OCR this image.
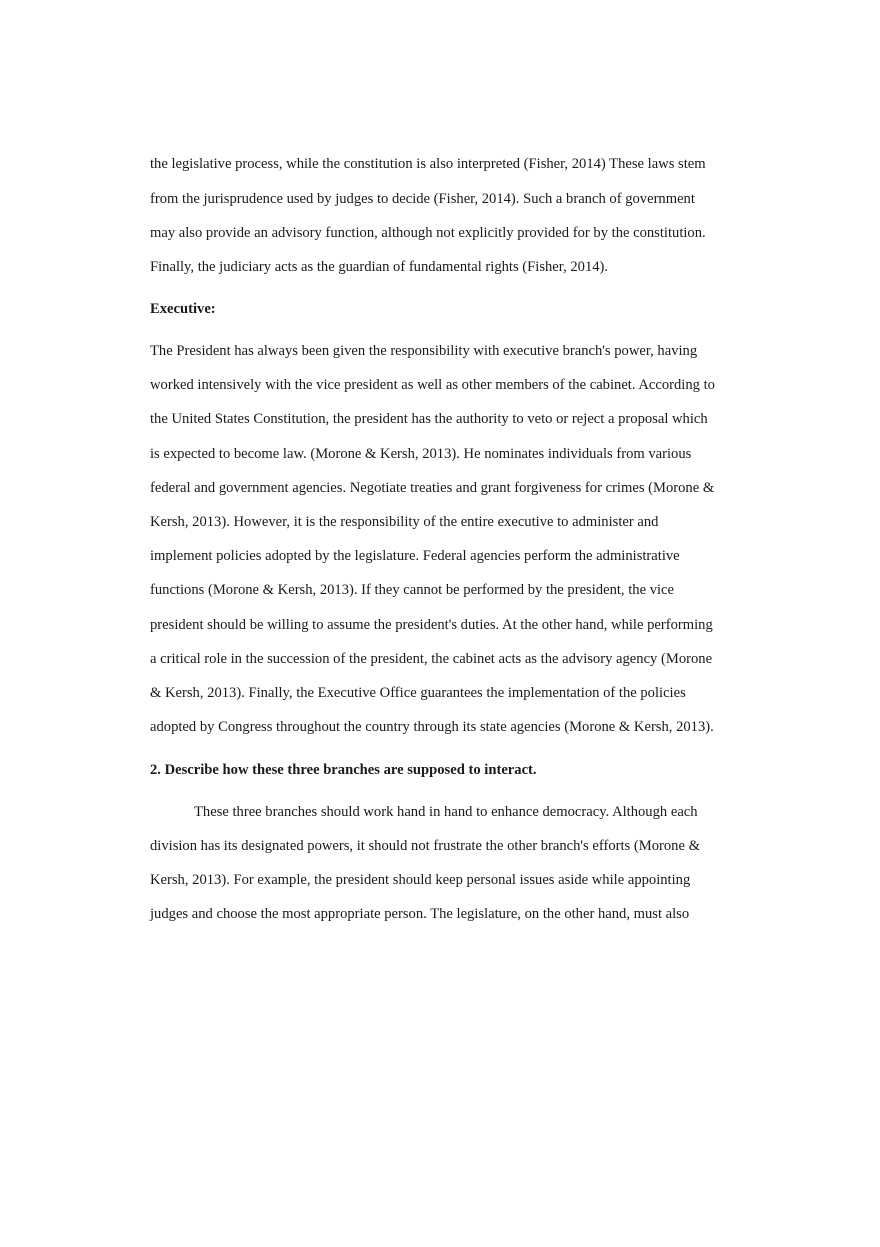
the legislative process, while the constitution is also interpreted (Fisher, 2014) These laws stem
from the jurisprudence used by judges to decide (Fisher, 2014). Such a branch of government
may also provide an advisory function, although not explicitly provided for by the constitution.
Finally, the judiciary acts as the guardian of fundamental rights (Fisher, 2014).
Executive:
The President has always been given the responsibility with executive branch's power, having
worked intensively with the vice president as well as other members of the cabinet. According to
the United States Constitution, the president has the authority to veto or reject a proposal which
is expected to become law. (Morone & Kersh, 2013). He nominates individuals from various
federal and government agencies. Negotiate treaties and grant forgiveness for crimes (Morone &
Kersh, 2013). However, it is the responsibility of the entire executive to administer and
implement policies adopted by the legislature. Federal agencies perform the administrative
functions (Morone & Kersh, 2013). If they cannot be performed by the president, the vice
president should be willing to assume the president's duties. At the other hand, while performing
a critical role in the succession of the president, the cabinet acts as the advisory agency (Morone
& Kersh, 2013). Finally, the Executive Office guarantees the implementation of the policies
adopted by Congress throughout the country through its state agencies (Morone & Kersh, 2013).
2. Describe how these three branches are supposed to interact.
These three branches should work hand in hand to enhance democracy. Although each
division has its designated powers, it should not frustrate the other branch's efforts (Morone &
Kersh, 2013). For example, the president should keep personal issues aside while appointing
judges and choose the most appropriate person. The legislature, on the other hand, must also
